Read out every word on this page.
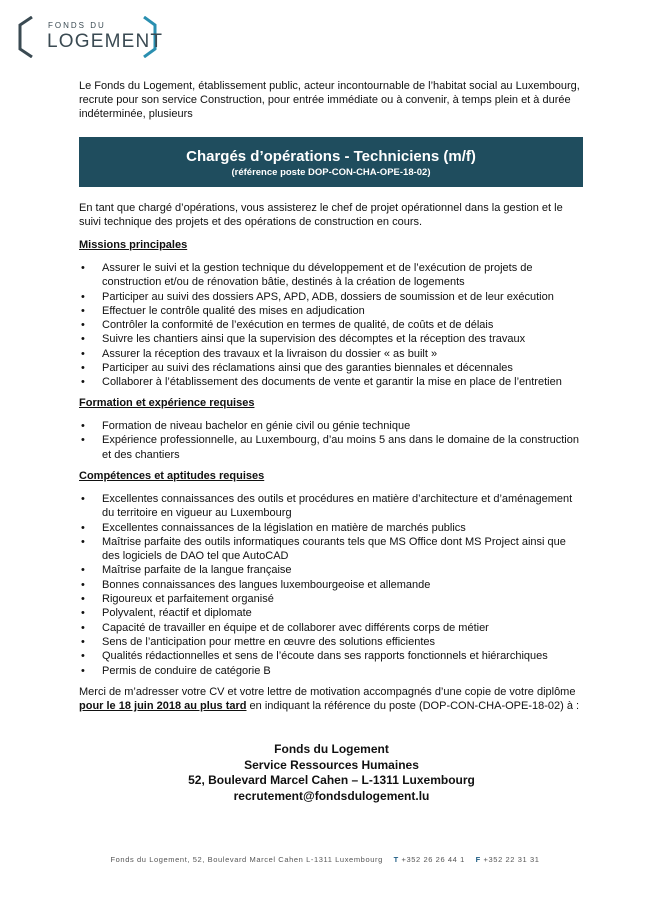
FONDS DU
LOGEMENT

Le Fonds du Logement, établissement public, acteur incontournable de l’habitat social au Luxembourg, recrute pour son service Construction, pour entrée immédiate ou à convenir, à temps plein et à durée indéterminée, plusieurs

Chargés d’opérations - Techniciens (m/f)
(référence poste DOP-CON-CHA-OPE-18-02)

En tant que chargé d’opérations, vous assisterez le chef de projet opérationnel dans la gestion et le suivi technique des projets et des opérations de construction en cours.

Missions principales
• Assurer le suivi et la gestion technique du développement et de l’exécution de projets de construction et/ou de rénovation bâtie, destinés à la création de logements
• Participer au suivi des dossiers APS, APD, ADB, dossiers de soumission et de leur exécution
• Effectuer le contrôle qualité des mises en adjudication
• Contrôler la conformité de l’exécution en termes de qualité, de coûts et de délais
• Suivre les chantiers ainsi que la supervision des décomptes et la réception des travaux
• Assurer la réception des travaux et la livraison du dossier « as built »
• Participer au suivi des réclamations ainsi que des garanties biennales et décennales
• Collaborer à l’établissement des documents de vente et garantir la mise en place de l’entretien
Formation et expérience requises
• Formation de niveau bachelor en génie civil ou génie technique
• Expérience professionnelle, au Luxembourg, d’au moins 5 ans dans le domaine de la construction et des chantiers
Compétences et aptitudes requises
• Excellentes connaissances des outils et procédures en matière d’architecture et d’aménagement du territoire en vigueur au Luxembourg
• Excellentes connaissances de la législation en matière de marchés publics
• Maîtrise parfaite des outils informatiques courants tels que MS Office dont MS Project ainsi que des logiciels de DAO tel que AutoCAD
• Maîtrise parfaite de la langue française
• Bonnes connaissances des langues luxembourgeoise et allemande
• Rigoureux et parfaitement organisé
• Polyvalent, réactif et diplomate
• Capacité de travailler en équipe et de collaborer avec différents corps de métier
• Sens de l’anticipation pour mettre en œuvre des solutions efficientes
• Qualités rédactionnelles et sens de l’écoute dans ses rapports fonctionnels et hiérarchiques
• Permis de conduire de catégorie B

Merci de m’adresser votre CV et votre lettre de motivation accompagnés d’une copie de votre diplôme
pour le 18 juin 2018 au plus tard en indiquant la référence du poste (DOP-CON-CHA-OPE-18-02) à :

Fonds du Logement
Service Ressources Humaines
52, Boulevard Marcel Cahen – L-1311 Luxembourg
recrutement@fondsdulogement.lu
Fonds du Logement, 52, Boulevard Marcel Cahen L-1311 Luxembourg T +352 26 26 44 1 F +352 22 31 31
